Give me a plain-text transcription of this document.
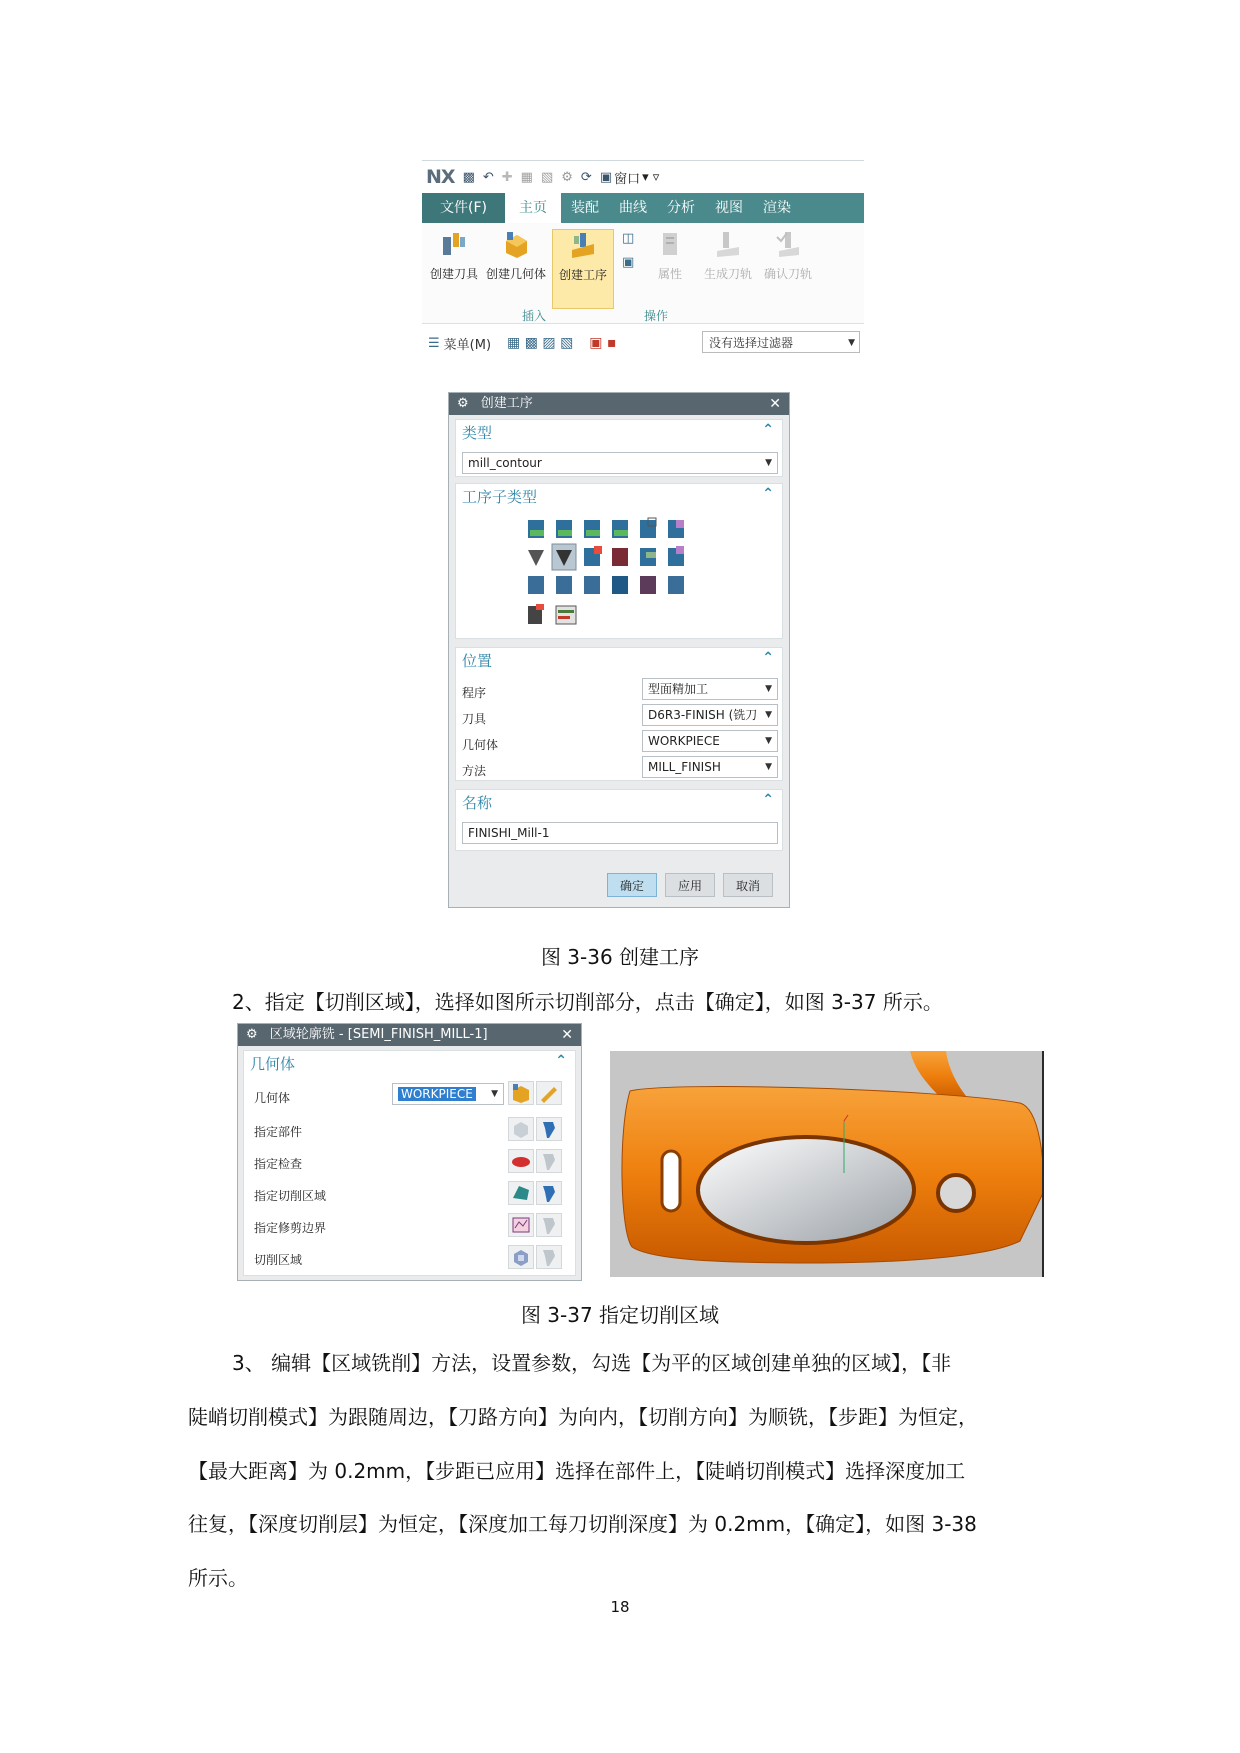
NX ▩ ↶ ✚ ▦ ▧ ⚙ ⟳ ▣ 窗口 ▾ ▿
文件(F)	主页	装配	曲线	分析	视图	渲染
创建刀具 创建几何体	创建工序
◫
▣
属性	生成刀轨 确认刀轨
插入	操作
☰ 菜单(M) ▦ ▩ ▨ ▧ ▣ ▪	没有选择过滤器	▼
⚙ 创建工序	✕
类型	⌃
mill_contour	▼
工序子类型	⌃
位置	⌃
程序	型面精加工	▼
刀具	D6R3-FINISH (铣刀 ▼
几何体	WORKPIECE	▼
方法	MILL_FINISH	▼
名称	⌃
FINISHI_Mill-1
确定	应用	取消
图 3-36 创建工序
2、指定【切削区域】，选择如图所示切削部分，点击【确定】，如图 3-37 所示。
⚙ 区域轮廓铣 - [SEMI_FINISH_MILL-1]	✕
几何体	⌃
几何体	WORKPIECE ▼
指定部件
指定检查
指定切削区域
指定修剪边界
切削区域
图 3-37 指定切削区域
3、 编辑【区域铣削】方法，设置参数，勾选【为平的区域创建单独的区域】，【非
陡峭切削模式】为跟随周边，【刀路方向】为向内，【切削方向】为顺铣，【步距】为恒定，
【最大距离】为 0.2mm，【步距已应用】选择在部件上，【陡峭切削模式】选择深度加工
往复，【深度切削层】为恒定，【深度加工每刀切削深度】为 0.2mm，【确定】，如图 3-38
所示。
18
